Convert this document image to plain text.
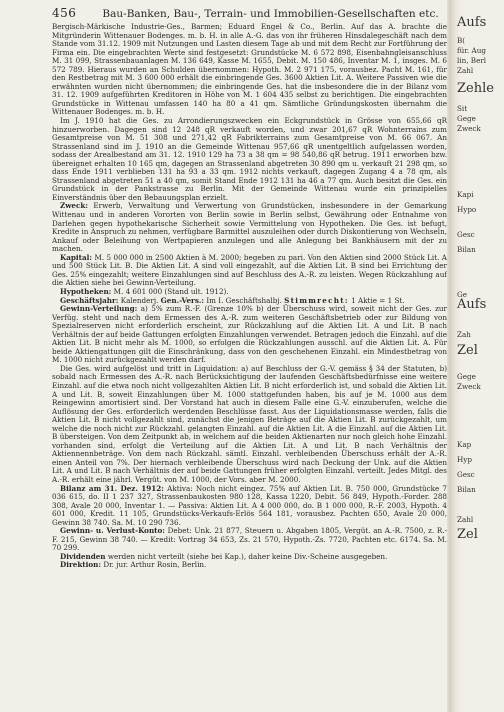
456 Bau-Banken, Bau-, Terrain- und Immobilien-Gesellschaften etc.

Bergisch-Märkische Industrie-Ges., Barmen; Eduard Engel & Co., Berlin. Auf das A. brachte die Mitgründerin Wittenauer Bodenges. m. b. H. in alle A.-G. das von ihr früheren Hinsdalegeschäft nach dem Stande vom 31.12. 1909 mit Nutzungen und Lasten diesem Tage ab und mit dem Recht zur Fortführung der Firma ein. Die eingebrachten Werte sind festgesetzt: Grundstücke M. 6 572 898, Eisenbahngleisanschluss M. 31 099, Strassenbauanlagen M. 136 649, Kasse M. 1655, Debit. M. 150 486, Inventar M. 1, insges. M. 6 572 789. Hieraus wurden an Schulden übernommen: Hypoth. M. 2 971 175, vorausbez. Pacht M. 161, für den Restbetrag mit M. 3 600 000 erhält die einbringende Ges. 3600 Aktien Lit. A. Weitere Passiven wie die erwähnten wurden nicht übernommen; die einbringende Ges. hat die insbesondere die in der Bilanz vom 31. 12. 1909 aufgeführten Kreditoren in Höhe von M. 1 604 435 selbst zu berichtigen. Die eingebrachten Grundstücke in Wittenau umfassen 140 ha 80 a 41 qm. Sämtliche Gründungskosten übernahm die Wittenauer Bodenges. m. b. H.

Im J. 1910 hat die Ges. zu Arrondierungszwecken ein Eckgrundstück in Grösse von 655,66 qR hinzuerworben. Dagegen sind 12 248 qR verkauft worden, und zwar 201,67 qR Wohnterrains zum Gesamtpreise von M. 51 308 und 271,42 qR Fabrikterrains zum Gesamtpreise von M. 66 067. An Strassenland sind im J. 1910 an die Gemeinde Wittenau 957,66 qR unentgeltlich aufgelassen worden, sodass der Arealbestand am 31. 12. 1910 129 ha 73 a 38 qm = 98 540,86 qR betrug. 1911 erworben bzw. übereignet erhalten 10 165 qm, dagegen an Strassenland abgetreten 30 890 qm u. verkauft 21 298 qm, so dass Ende 1911 verblieben 131 ha 93 a 33 qm. 1912 nichts verkauft, dagegen Zugang 4 a 78 qm, als Strassenland abgetreten 51 a 40 qm, somit Stand Ende 1912 131 ha 46 a 77 qm. Auch besitzt die Ges. ein Grundstück in der Pankstrasse zu Berlin. Mit der Gemeinde Wittenau wurde ein prinzipielles Einverständnis über den Bebauungsplan erzielt.

Zweck: Erwerb, Verwaltung und Verwertung von Grundstücken, insbesondere in der Gemarkung Wittenau und in anderen Vororten von Berlin sowie in Berlin selbst, Gewährung oder Entnahme von Darlehen gegen hypothekarische Sicherheit sowie Vermittelung von Hypotheken. Die Ges. ist befugt, Kredite in Anspruch zu nehmen, verfügbare Barmittel auszuleihen oder durch Diskontierung von Wechseln, Ankauf oder Beleihung von Wertpapieren anzulegen und alle Anlegung bei Bankhäusern mit der zu machen.

Kapital: M. 5 000 000 in 2500 Aktien à M. 2000; begeben zu pari. Von den Aktien sind 2000 Stück Lit. A und 500 Stück Lit. B. Die Aktien Lit. A sind voll eingezahlt, auf die Aktien Lit. B sind bei Errichtung der Ges. 25% eingezahlt; weitere Einzahlungen sind auf Beschluss des A.-R. zu leisten. Wegen Rückzahlung auf die Aktien siehe bei Gewinn-Verteilung.

Hypotheken: M. 4 601 000 (Stand ult. 1912).

Geschäftsjahr: Kalenderj. Gen.-Vers.: Im I. Geschäftshalbj. Stimmrecht: 1 Aktie = 1 St.

Gewinn-Verteilung: a) 5% zum R.-F. (Grenze 10% b) der Überschuss wird, soweit nicht der Ges. zur Verfüg. steht und nach dem Ermessen des A.-R. zum weiteren Geschäftsbetrieb oder zur Bildung von Spezialreserven nicht erforderlich erscheint, zur Rückzahlung auf die Aktien Lit. A und Lit. B nach Verhältnis der auf beide Gattungen erfolgten Einzahlungen verwendet. Betragen jedoch die Einzahl. auf die Aktien Lit. B nicht mehr als M. 1000, so erfolgen die Rückzahlungen ausschl. auf die Aktien Lit. A. Für beide Aktiengattungen gilt die Einschränkung, dass von den geschehenen Einzahl. ein Mindestbetrag von M. 1000 nicht zurückgezahlt werden darf.

Die Ges. wird aufgelöst und tritt in Liquidation: a) auf Beschluss der G.-V. gemäss § 34 der Statuten, b) sobald nach Ermessen des A.-R. nach Berücksichtigung der laufenden Geschäftsbedürfnisse eine weitere Einzahl. auf die etwa noch nicht vollgezahlten Aktien Lit. B nicht erforderlich ist, und sobald die Aktien Lit. A und Lit. B, soweit Einzahlungen über M. 1000 stattgefunden haben, bis auf je M. 1000 aus dem Reingewinn amortisiert sind. Der Vorstand hat auch in diesem Falle eine G.-V. einzuberufen, welche die Auflösung der Ges. erforderlich werdenden Beschlüsse fasst. Aus der Liquidationsmasse werden, falls die Aktien Lit. B nicht vollgezahlt sind, zunächst die jenigen Beträge auf die Aktien Lit. B zurückgezahlt, um welche die noch nicht zur Rückzahl. gelangten Einzahl. auf die Aktien Lit. A die Einzahl. auf die Aktien Lit. B übersteigen. Von dem Zeitpunkt ab, in welchem auf die beiden Aktienarten nur noch gleich hohe Einzahl. vorhanden sind, erfolgt die Verteilung auf die Aktien Lit. A und Lit. B nach Verhältnis der Aktiennennbeträge. Von dem nach Rückzahl. sämtl. Einzahl. verbleibenden Überschuss erhält der A.-R. einen Anteil von 7%. Der hiernach verbleibende Überschuss wird nach Deckung der Unk. auf die Aktien Lit. A und Lit. B nach Verhältnis der auf beide Gattungen früher erfolgten Einzahl. verteilt. Jedes Mitgl. des A.-R. erhält eine jährl. Vergüt. von M. 1000, der Vors. aber M. 2000.

Bilanz am 31. Dez. 1912: Aktiva: Noch nicht eingez. 75% auf Aktien Lit. B. 750 000, Grundstücke 7 036 615, do. II 1 237 327, Strassenbaukosten 980 128, Kassa 1220, Debit. 56 849, Hypoth.-Forder. 288 308, Avale 20 000, Inventar 1. — Passiva: Aktien Lit. A 4 000 000, do. B 1 000 000, R.-F. 2003, Hypoth. 4 601 000, Kredit. 11 105, Grundstücks-Verkaufs-Erlös 564 181, vorausbez. Pachten 650, Avale 20 000, Gewinn 38 740. Sa. M. 10 290 736.

Gewinn- u. Verlust-Konto: Debet: Unk. 21 877, Steuern u. Abgaben 1805, Vergüt. an A.-R. 7500, z. R.-F. 215, Gewinn 38 740. — Kredit: Vortrag 34 653, Zs. 21 570, Hypoth.-Zs. 7720, Pachten etc. 6174. Sa. M. 70 299.

Dividenden werden nicht verteilt (siehe bei Kap.), daher keine Div.-Scheine ausgegeben.

Direktion: Dr. jur. Arthur Rosin, Berlin.

Aufs
B(
für. Aug
lin, Berl
Zahl
Zehle
Sit
Gege
Zweck
Kapi
Hypo
Gesc
Bilan
Ge
Aufs
Zah
Zel
Gege
Zweck
Kap
Hyp
Gesc
Bilan
Zahl
Zel
